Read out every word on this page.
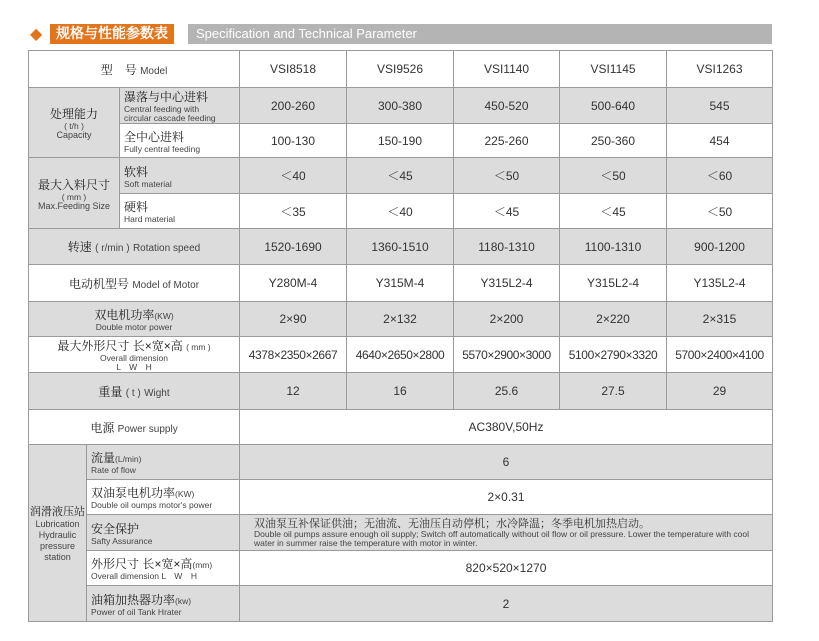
◆ 规格与性能参数表	Specification and Technical Parameter
型　号 Model			VSI8518	VSI9526	VSI1140	VSI1145	VSI1263

处理能力
( t/h )
Capacity		瀑落与中心进料
Central feeding with
circular cascade feeding	200-260	300-380	450-520	500-640	545

		全中心进料
Fully central feeding	100-130	150-190	225-260	250-360	454

最大入料尺寸
( mm )
Max.Feeding Size		软料
Soft material	＜40	＜45	＜50	＜50	＜60

		硬料
Hard material	＜35	＜40	＜45	＜45	＜50
转速 ( r/min ) Rotation speed			1520-1690	1360-1510	1180-1310	1100-1310	900-1200
电动机型号 Model of Motor			Y280M-4	Y315M-4	Y315L2-4	Y315L2-4	Y135L2-4

双电机功率(KW)
Double motor power			2×90	2×132	2×200	2×220	2×315

最大外形尺寸 长×宽×高 ( mm )
Overall dimension
L　W　H			4378×2350×2667	4640×2650×2800	5570×2900×3000	5100×2790×3320	5700×2400×4100
重量 ( t ) Wight			12	16	25.6	27.5	29
电源 Power supply			AC380V,50Hz				

润滑液压站
Lubrication
Hydraulic
pressure
station	流量(L/min)
Rate of flow		6				

	双油泵电机功率(KW)
Double oil oumps motor's power		2×0.31				

	安全保护
Safty Assurance		双油泵互补保证供油；无油流、无油压自动停机；水冷降温；冬季电机加热启动。
Double oil pumps assure enough oil supply; Switch off automatically without oil flow or oil pressure. Lower the temperature with cool water in summer raise the temperature with motor in winter.				

	外形尺寸 长×宽×高(mm)
Overall dimension L　W　H		820×520×1270				

	油箱加热器功率(kw)
Power of oil Tank Hrater		2				
